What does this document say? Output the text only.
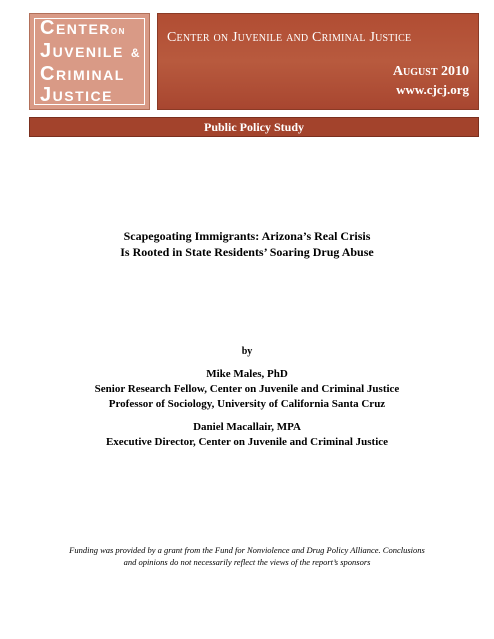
Centeron
Juvenile &
Criminal
Justice
Center on Juvenile and Criminal Justice
August 2010
www.cjcj.org
Public Policy Study
Scapegoating Immigrants: Arizona’s Real Crisis
Is Rooted in State Residents’ Soaring Drug Abuse
by
Mike Males, PhD
Senior Research Fellow, Center on Juvenile and Criminal Justice
Professor of Sociology, University of California Santa Cruz
Daniel Macallair, MPA
Executive Director, Center on Juvenile and Criminal Justice
Funding was provided by a grant from the Fund for Nonviolence and Drug Policy Alliance. Conclusions
and opinions do not necessarily reflect the views of the report’s sponsors
